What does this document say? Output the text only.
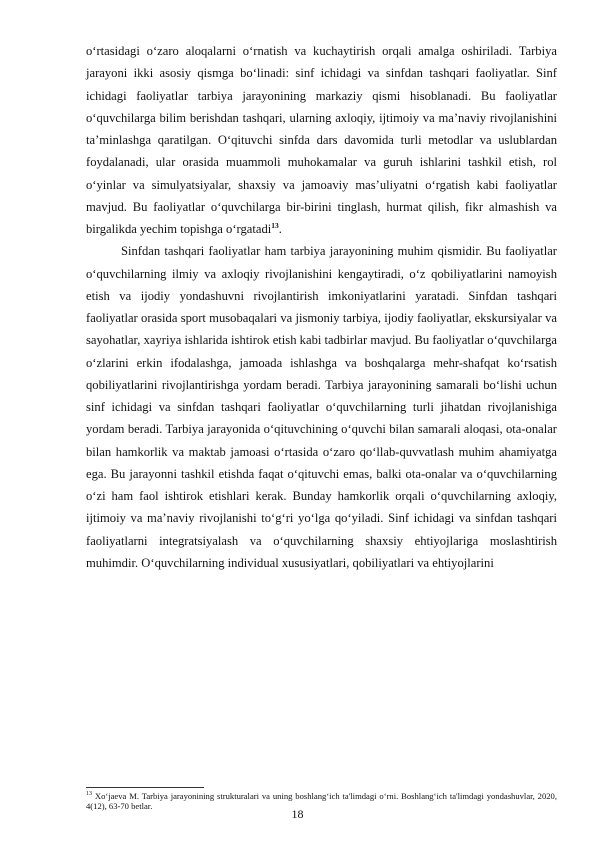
o‘rtasidagi o‘zaro aloqalarni o‘rnatish va kuchaytirish orqali amalga oshiriladi. Tarbiya jarayoni ikki asosiy qismga bo‘linadi: sinf ichidagi va sinfdan tashqari faoliyatlar. Sinf ichidagi faoliyatlar tarbiya jarayonining markaziy qismi hisoblanadi. Bu faoliyatlar o‘quvchilarga bilim berishdan tashqari, ularning axloqiy, ijtimoiy va ma’naviy rivojlanishini ta’minlashga qaratilgan. O‘qituvchi sinfda dars davomida turli metodlar va uslublardan foydalanadi, ular orasida muammoli muhokamalar va guruh ishlarini tashkil etish, rol o‘yinlar va simulyatsiyalar, shaxsiy va jamoaviy mas’uliyatni o‘rgatish kabi faoliyatlar mavjud. Bu faoliyatlar o‘quvchilarga bir-birini tinglash, hurmat qilish, fikr almashish va birgalikda yechim topishga o‘rgatadi$^{13}$.

Sinfdan tashqari faoliyatlar ham tarbiya jarayonining muhim qismidir. Bu faoliyatlar o‘quvchilarning ilmiy va axloqiy rivojlanishini kengaytiradi, o‘z qobiliyatlarini namoyish etish va ijodiy yondashuvni rivojlantirish imkoniyatlarini yaratadi. Sinfdan tashqari faoliyatlar orasida sport musobaqalari va jismoniy tarbiya, ijodiy faoliyatlar, ekskursiyalar va sayohatlar, xayriya ishlarida ishtirok etish kabi tadbirlar mavjud. Bu faoliyatlar o‘quvchilarga o‘zlarini erkin ifodalashga, jamoada ishlashga va boshqalarga mehr-shafqat ko‘rsatish qobiliyatlarini rivojlantirishga yordam beradi. Tarbiya jarayonining samarali bo‘lishi uchun sinf ichidagi va sinfdan tashqari faoliyatlar o‘quvchilarning turli jihatdan rivojlanishiga yordam beradi. Tarbiya jarayonida o‘qituvchining o‘quvchi bilan samarali aloqasi, ota-onalar bilan hamkorlik va maktab jamoasi o‘rtasida o‘zaro qo‘llab-quvvatlash muhim ahamiyatga ega. Bu jarayonni tashkil etishda faqat o‘qituvchi emas, balki ota-onalar va o‘quvchilarning o‘zi ham faol ishtirok etishlari kerak. Bunday hamkorlik orqali o‘quvchilarning axloqiy, ijtimoiy va ma’naviy rivojlanishi to‘g‘ri yo‘lga qo‘yiladi. Sinf ichidagi va sinfdan tashqari faoliyatlarni integratsiyalash va o‘quvchilarning shaxsiy ehtiyojlariga moslashtirish muhimdir. O‘quvchilarning individual xususiyatlari, qobiliyatlari va ehtiyojlarini

$^{13}$ Xo‘jaeva M. Tarbiya jarayonining strukturalari va uning boshlang‘ich ta'limdagi o‘rni. Boshlang‘ich ta'limdagi yondashuvlar, 2020, 4(12), 63-70 betlar.

18
